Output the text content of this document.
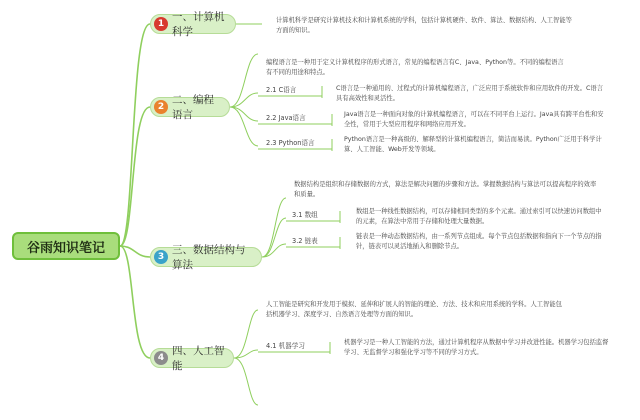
谷雨知识笔记
1
一、计算机科学
计算机科学是研究计算机技术和计算机系统的学科，包括计算机硬件、软件、算法、数据结构、人工智能等方面的知识。
2
二、编程语言
编程语言是一种用于定义计算机程序的形式语言，常见的编程语言有C、Java、Python等。不同的编程语言有不同的用途和特点。
2.1 C语言	C语言是一种通用的、过程式的计算机编程语言，广泛应用于系统软件和应用软件的开发。C语言具有高效性和灵活性。
2.2 Java语言	Java语言是一种面向对象的计算机编程语言，可以在不同平台上运行。Java具有跨平台性和安全性，常用于大型应用程序和网络应用开发。
2.3 Python语言	Python语言是一种高级的、解释型的计算机编程语言，简洁而易读。Python广泛用于科学计算、人工智能、Web开发等领域。
3
三、数据结构与算法
数据结构是组织和存储数据的方式，算法是解决问题的步骤和方法。掌握数据结构与算法可以提高程序的效率和质量。
3.1 数组	数组是一种线性数据结构，可以存储相同类型的多个元素。通过索引可以快速访问数组中的元素，在算法中常用于存储和处理大量数据。
3.2 链表
链表是一种动态数据结构，由一系列节点组成。每个节点包括数据和指向下一个节点的指针，链表可以灵活地插入和删除节点。
4
四、人工智能
人工智能是研究和开发用于模拟、延伸和扩展人的智能的理论、方法、技术和应用系统的学科。人工智能包括机器学习、深度学习、自然语言处理等方面的知识。
4.1 机器学习	机器学习是一种人工智能的方法，通过计算机程序从数据中学习并改进性能。机器学习包括监督学习、无监督学习和强化学习等不同的学习方式。
